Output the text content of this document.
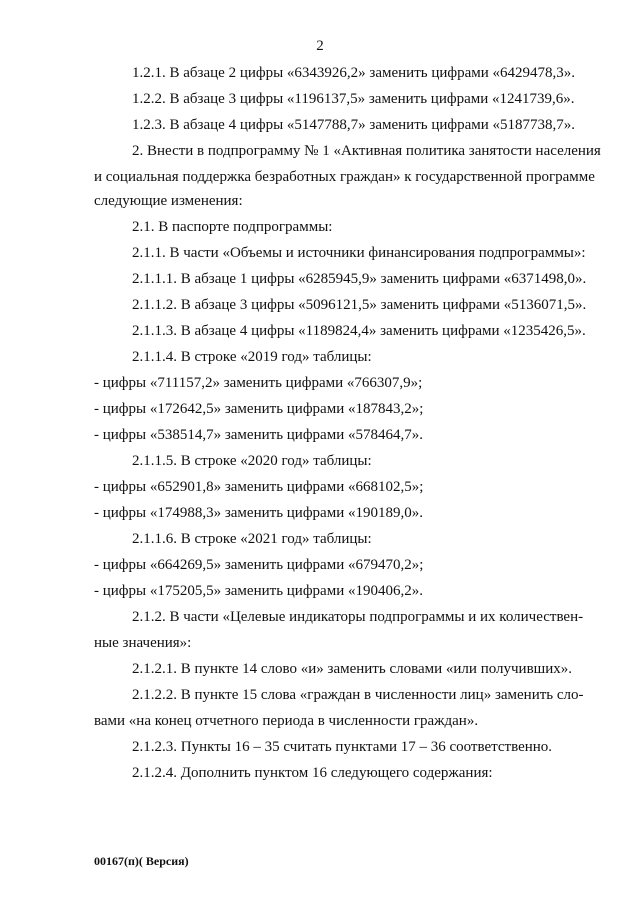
2
1.2.1. В абзаце 2 цифры «6343926,2» заменить цифрами «6429478,3».
1.2.2. В абзаце 3 цифры «1196137,5» заменить цифрами «1241739,6».
1.2.3. В абзаце 4 цифры «5147788,7» заменить цифрами «5187738,7».
2. Внести в подпрограмму № 1 «Активная политика занятости населения
и социальная поддержка безработных граждан» к государственной программе
следующие изменения:
2.1. В паспорте подпрограммы:
2.1.1. В части «Объемы и источники финансирования подпрограммы»:
2.1.1.1. В абзаце 1 цифры «6285945,9» заменить цифрами «6371498,0».
2.1.1.2. В абзаце 3 цифры «5096121,5» заменить цифрами «5136071,5».
2.1.1.3. В абзаце 4 цифры «1189824,4» заменить цифрами «1235426,5».
2.1.1.4. В строке «2019 год» таблицы:
- цифры «711157,2» заменить цифрами «766307,9»;
- цифры «172642,5» заменить цифрами «187843,2»;
- цифры «538514,7» заменить цифрами «578464,7».
2.1.1.5. В строке «2020 год» таблицы:
- цифры «652901,8» заменить цифрами «668102,5»;
- цифры «174988,3» заменить цифрами «190189,0».
2.1.1.6. В строке «2021 год» таблицы:
- цифры «664269,5» заменить цифрами «679470,2»;
- цифры «175205,5» заменить цифрами «190406,2».
2.1.2. В части «Целевые индикаторы подпрограммы и их количествен-
ные значения»:
2.1.2.1. В пункте 14 слово «и» заменить словами «или получивших».
2.1.2.2. В пункте 15 слова «граждан в численности лиц» заменить сло-
вами «на конец отчетного периода в численности граждан».
2.1.2.3. Пункты 16 – 35 считать пунктами 17 – 36 соответственно.
2.1.2.4. Дополнить пунктом 16 следующего содержания:
00167(п)( Версия)
